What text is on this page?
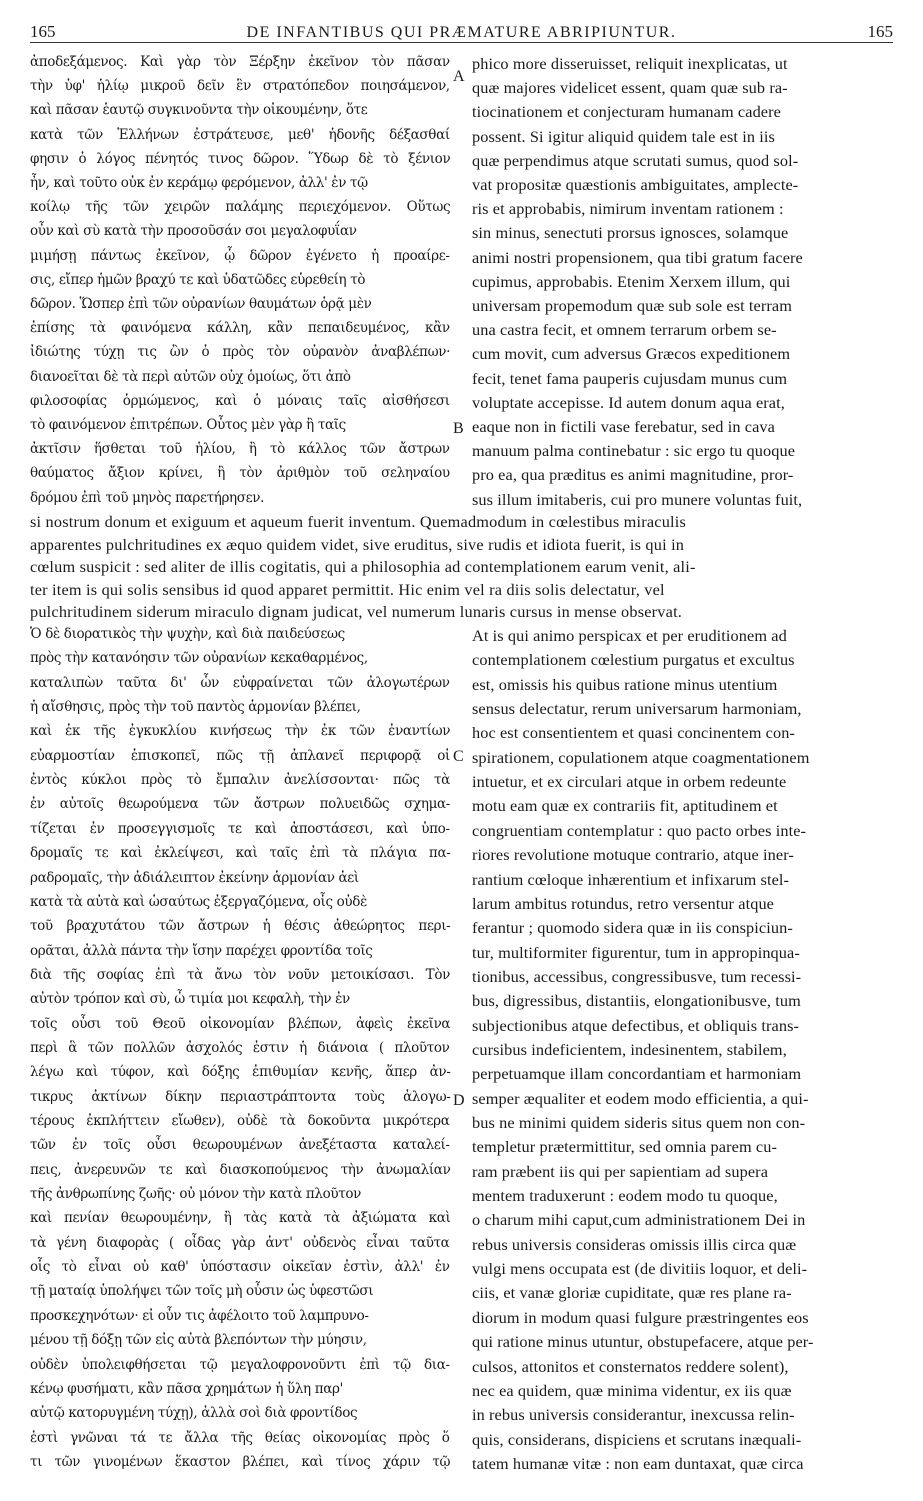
165	DE INFANTIBUS QUI PRÆMATURE ABRIPIUNTUR.	165
ἀποδεξάμενος. Καὶ γὰρ τὸν Ξέρξην ἐκεῖνον τὸν πᾶσαν
τὴν ὑφ' ἡλίῳ μικροῦ δεῖν ἓν στρατόπεδον ποιησάμενον,
καὶ πᾶσαν ἑαυτῷ συγκινοῦντα τὴν οἰκουμένην, ὅτε
κατὰ τῶν Ἑλλήνων ἐστράτευσε, μεθ' ἡδονῆς δέξασθαί
φησιν ὁ λόγος πένητός τινος δῶρον. Ὕδωρ δὲ τὸ ξένιον
ἦν, καὶ τοῦτο οὐκ ἐν κεράμῳ φερόμενον, ἀλλ' ἐν τῷ
κοίλῳ τῆς τῶν χειρῶν παλάμης περιεχόμενον. Οὕτως
οὖν καὶ σὺ κατὰ τὴν προσοῦσάν σοι μεγαλοφυΐαν
μιμήσῃ πάντως ἐκεῖνον, ᾧ δῶρον ἐγένετο ἡ προαίρε-
σις, εἴπερ ἡμῶν βραχύ τε καὶ ὑδατῶδες εὑρεθείη τὸ
δῶρον. Ὥσπερ ἐπὶ τῶν οὐρανίων θαυμάτων ὁρᾷ μὲν
ἐπίσης τὰ φαινόμενα κάλλη, κἂν πεπαιδευμένος, κἂν
ἰδιώτης τύχῃ τις ὢν ὁ πρὸς τὸν οὐρανὸν ἀναβλέπων·
διανοεῖται δὲ τὰ περὶ αὐτῶν οὐχ ὁμοίως, ὅτι ἀπὸ
φιλοσοφίας ὁρμώμενος, καὶ ὁ μόναις ταῖς αἰσθήσεσι
τὸ φαινόμενον ἐπιτρέπων. Οὗτος μὲν γὰρ ἢ ταῖς
ἀκτῖσιν ἥσθεται τοῦ ἡλίου, ἢ τὸ κάλλος τῶν ἄστρων
θαύματος ἄξιον κρίνει, ἢ τὸν ἀριθμὸν τοῦ σεληναίου
δρόμου ἐπὶ τοῦ μηνὸς παρετήρησεν.
phico more disseruisset, reliquit inexplicatas, ut
quæ majores videlicet essent, quam quæ sub ra-
tiocinationem et conjecturam humanam cadere
possent. Si igitur aliquid quidem tale est in iis
quæ perpendimus atque scrutati sumus, quod sol-
vat propositæ quæstionis ambiguitates, amplecte-
ris et approbabis, nimirum inventam rationem :
sin minus, senectuti prorsus ignosces, solamque
animi nostri propensionem, qua tibi gratum facere
cupimus, approbabis. Etenim Xerxem illum, qui
universam propemodum quæ sub sole est terram
una castra fecit, et omnem terrarum orbem se-
cum movit, cum adversus Græcos expeditionem
fecit, tenet fama pauperis cujusdam munus cum
voluptate accepisse. Id autem donum aqua erat,
eaque non in fictili vase ferebatur, sed in cava
manuum palma continebatur : sic ergo tu quoque
pro ea, qua præditus es animi magnitudine, pror-
sus illum imitaberis, cui pro munere voluntas fuit,
si nostrum donum et exiguum et aqueum fuerit inventum. Quemadmodum in cœlestibus miraculis
apparentes pulchritudines ex æquo quidem videt, sive eruditus, sive rudis et idiota fuerit, is qui in
cœlum suspicit : sed aliter de illis cogitatis, qui a philosophia ad contemplationem earum venit, ali-
ter item is qui solis sensibus id quod apparet permittit. Hic enim vel ra diis solis delectatur, vel
pulchritudinem siderum miraculo dignam judicat, vel numerum lunaris cursus in mense observat.
Ὁ δὲ διορατικὸς τὴν ψυχὴν, καὶ διὰ παιδεύσεως
πρὸς τὴν κατανόησιν τῶν οὐρανίων κεκαθαρμένος,
καταλιπὼν ταῦτα δι' ὧν εὐφραίνεται τῶν ἀλογωτέρων
ἡ αἴσθησις, πρὸς τὴν τοῦ παντὸς ἁρμονίαν βλέπει,
καὶ ἐκ τῆς ἐγκυκλίου κινήσεως τὴν ἐκ τῶν ἐναντίων
εὐαρμοστίαν ἐπισκοπεῖ, πῶς τῇ ἀπλανεῖ περιφορᾷ οἱ
ἐντὸς κύκλοι πρὸς τὸ ἔμπαλιν ἀνελίσσονται· πῶς τὰ
ἐν αὐτοῖς θεωρούμενα τῶν ἄστρων πολυειδῶς σχημα-
τίζεται ἐν προσεγγισμοῖς τε καὶ ἀποστάσεσι, καὶ ὑπο-
δρομαῖς τε καὶ ἐκλείψεσι, καὶ ταῖς ἐπὶ τὰ πλάγια πα-
ραδρομαῖς, τὴν ἀδιάλειπτον ἐκείνην ἁρμονίαν ἀεὶ
κατὰ τὰ αὐτὰ καὶ ὡσαύτως ἐξεργαζόμενα, οἷς οὐδὲ
τοῦ βραχυτάτου τῶν ἄστρων ἡ θέσις ἀθεώρητος περι-
ορᾶται, ἀλλὰ πάντα τὴν ἴσην παρέχει φροντίδα τοῖς
διὰ τῆς σοφίας ἐπὶ τὰ ἄνω τὸν νοῦν μετοικίσασι. Τὸν
αὐτὸν τρόπον καὶ σὺ, ὦ τιμία μοι κεφαλὴ, τὴν ἐν
τοῖς οὖσι τοῦ Θεοῦ οἰκονομίαν βλέπων, ἀφεὶς ἐκεῖνα
περὶ ἃ τῶν πολλῶν ἀσχολός ἐστιν ἡ διάνοια ( πλοῦτον
λέγω καὶ τύφον, καὶ δόξης ἐπιθυμίαν κενῆς, ἅπερ ἀν-
τικρυς ἀκτίνων δίκην περιαστράπτοντα τοὺς ἀλογω-
τέρους ἐκπλήττειν εἴωθεν), οὐδὲ τὰ δοκοῦντα μικρότερα
τῶν ἐν τοῖς οὖσι θεωρουμένων ἀνεξέταστα καταλεί-
πεις, ἀνερευνῶν τε καὶ διασκοπούμενος τὴν ἀνωμαλίαν
τῆς ἀνθρωπίνης ζωῆς· οὐ μόνον τὴν κατὰ πλοῦτον
καὶ πενίαν θεωρουμένην, ἢ τὰς κατὰ τὰ ἀξιώματα καὶ
τὰ γένη διαφορὰς ( οἶδας γὰρ ἀντ' οὐδενὸς εἶναι ταῦτα
οἷς τὸ εἶναι οὐ καθ' ὑπόστασιν οἰκεῖαν ἐστὶν, ἀλλ' ἐν
τῇ ματαίᾳ ὑπολήψει τῶν τοῖς μὴ οὖσιν ὡς ὑφεστῶσι
προσκεχηνότων· εἰ οὖν τις ἀφέλοιτο τοῦ λαμπρυνο-
μένου τῇ δόξῃ τῶν εἰς αὐτὰ βλεπόντων τὴν μύησιν,
οὐδὲν ὑπολειφθήσεται τῷ μεγαλοφρονοῦντι ἐπὶ τῷ δια-
κένῳ φυσήματι, κἂν πᾶσα χρημάτων ἡ ὕλη παρ'
αὐτῷ κατορυγμένη τύχῃ), ἀλλὰ σοὶ διὰ φροντίδος
ἐστὶ γνῶναι τά τε ἄλλα τῆς θείας οἰκονομίας πρὸς ὅ
τι τῶν γινομένων ἕκαστον βλέπει, καὶ τίνος χάριν τῷ
At is qui animo perspicax et per eruditionem ad
contemplationem cœlestium purgatus et excultus
est, omissis his quibus ratione minus utentium
sensus delectatur, rerum universarum harmoniam,
hoc est consentientem et quasi concinentem con-
spirationem, copulationem atque coagmentationem
intuetur, et ex circulari atque in orbem redeunte
motu eam quæ ex contrariis fit, aptitudinem et
congruentiam contemplatur : quo pacto orbes inte-
riores revolutione motuque contrario, atque iner-
rantium cœloque inhærentium et infixarum stel-
larum ambitus rotundus, retro versentur atque
ferantur ; quomodo sidera quæ in iis conspiciun-
tur, multiformiter figurentur, tum in appropinqua-
tionibus, accessibus, congressibusve, tum recessi-
bus, digressibus, distantiis, elongationibusve, tum
subjectionibus atque defectibus, et obliquis trans-
cursibus indeficientem, indesinentem, stabilem,
perpetuamque illam concordantiam et harmoniam
semper æqualiter et eodem modo efficientia, a qui-
bus ne minimi quidem sideris situs quem non con-
templetur prætermittitur, sed omnia parem cu-
ram præbent iis qui per sapientiam ad supera
mentem traduxerunt : eodem modo tu quoque,
o charum mihi caput,cum administrationem Dei in
rebus universis consideras omissis illis circa quæ
vulgi mens occupata est (de divitiis loquor, et deli-
ciis, et vanæ gloriæ cupiditate, quæ res plane ra-
diorum in modum quasi fulgure præstringentes eos
qui ratione minus utuntur, obstupefacere, atque per-
culsos, attonitos et consternatos reddere solent),
nec ea quidem, quæ minima videntur, ex iis quæ
in rebus universis considerantur, inexcussa relin-
quis, considerans, dispiciens et scrutans inæquali-
tatem humanæ vitæ : non eam duntaxat, quæ circa
A
B
C
D
